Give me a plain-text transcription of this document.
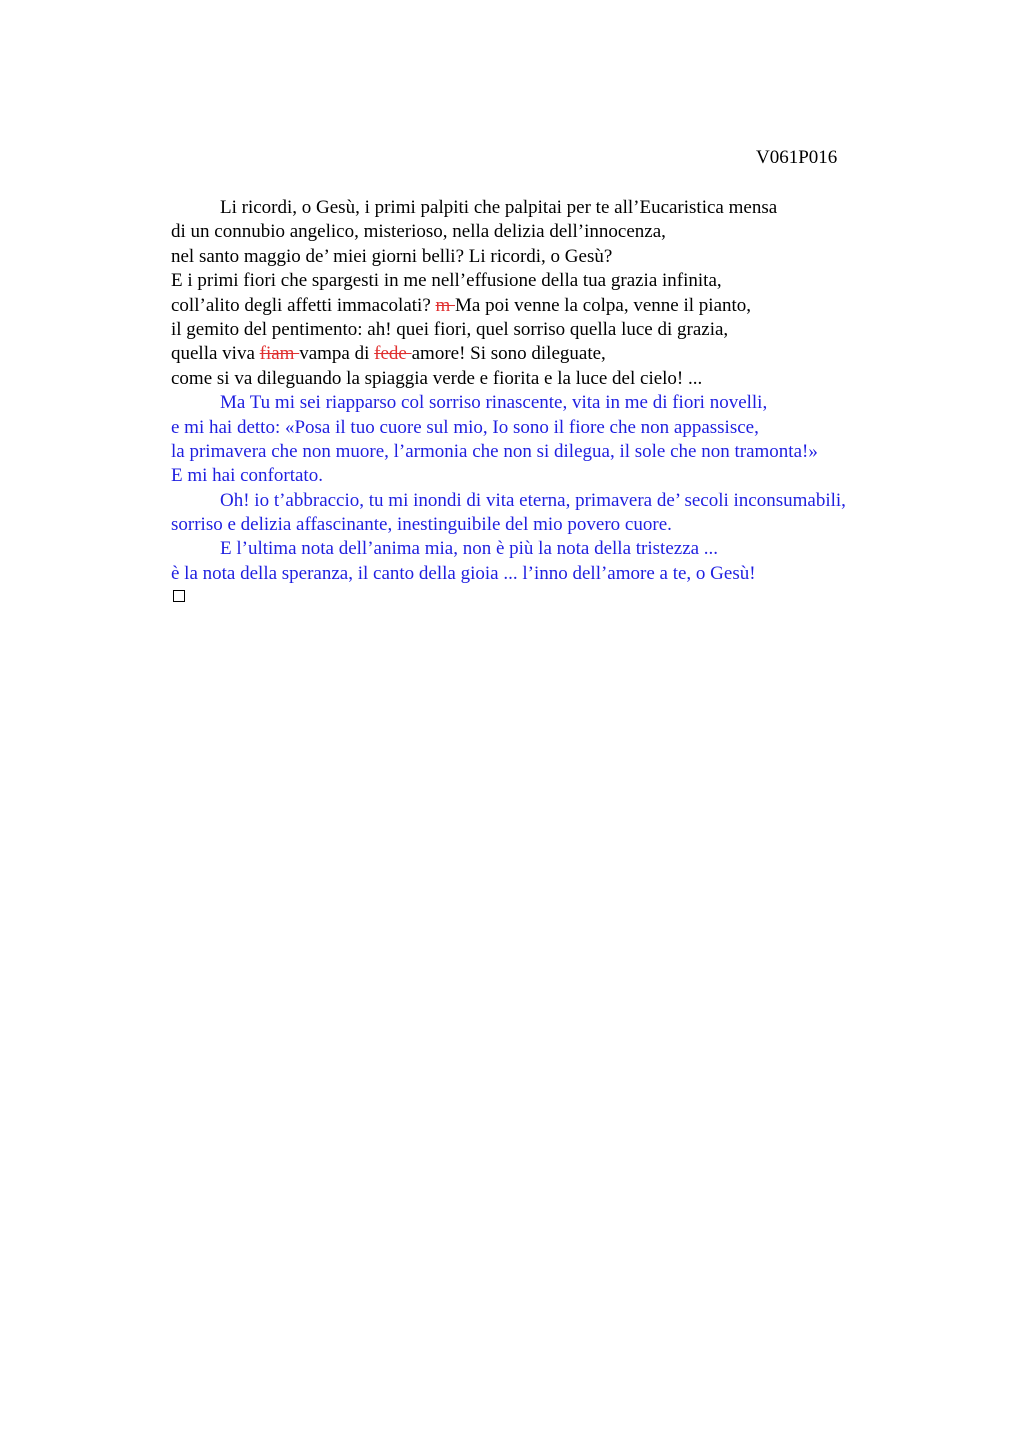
V061P016
Li ricordi, o Gesù, i primi palpiti che palpitai per te all’Eucaristica mensa
di un connubio angelico, misterioso, nella delizia dell’innocenza,
nel santo maggio de’ miei giorni belli? Li ricordi, o Gesù?
E i primi fiori che spargesti in me nell’effusione della tua grazia infinita,
coll’alito degli affetti immacolati? m Ma poi venne la colpa, venne il pianto,
il gemito del pentimento: ah! quei fiori, quel sorriso quella luce di grazia,
quella viva fiam vampa di fede amore! Si sono dileguate,
come si va dileguando la spiaggia verde e fiorita e la luce del cielo! ...
Ma Tu mi sei riapparso col sorriso rinascente, vita in me di fiori novelli,
e mi hai detto: «Posa il tuo cuore sul mio, Io sono il fiore che non appassisce,
la primavera che non muore, l’armonia che non si dilegua, il sole che non tramonta!»
E mi hai confortato.
Oh! io t’abbraccio, tu mi inondi di vita eterna, primavera de’ secoli inconsumabili,
sorriso e delizia affascinante, inestinguibile del mio povero cuore.
E l’ultima nota dell’anima mia, non è più la nota della tristezza ...
è la nota della speranza, il canto della gioia ... l’inno dell’amore a te, o Gesù!
